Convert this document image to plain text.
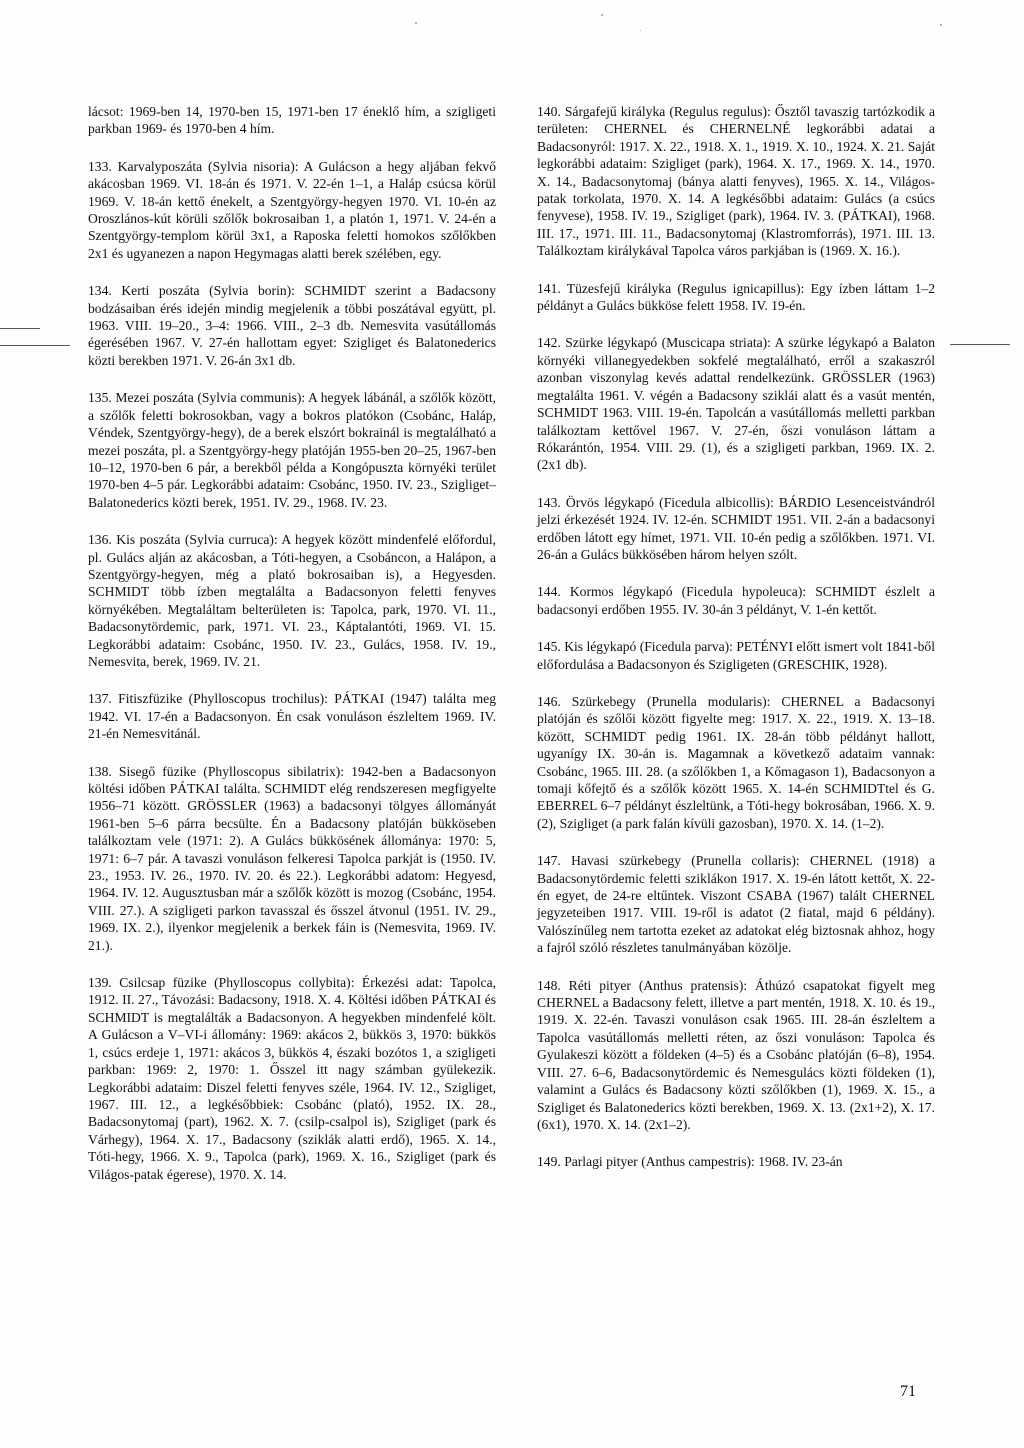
lácsot: 1969-ben 14, 1970-ben 15, 1971-ben 17 éneklő hím, a szigligeti parkban 1969- és 1970-ben 4 hím.

133. Karvalyposzáta (Sylvia nisoria): A Gulácson a hegy aljában fekvő akácosban 1969. VI. 18-án és 1971. V. 22-én 1–1, a Haláp csúcsa körül 1969. V. 18-án kettő énekelt, a Szentgyörgy-hegyen 1970. VI. 10-én az Oroszlános-kút körüli szőlők bokrosaiban 1, a platón 1, 1971. V. 24-én a Szentgyörgy-templom körül 3x1, a Raposka feletti homokos szőlőkben 2x1 és ugyanezen a napon Hegymagas alatti berek szélében, egy.

134. Kerti poszáta (Sylvia borin): SCHMIDT szerint a Badacsony bodzásaiban érés idején mindig megjelenik a többi poszátával együtt, pl. 1963. VIII. 19–20., 3–4: 1966. VIII., 2–3 db. Nemesvita vasútállomás égerésében 1967. V. 27-én hallottam egyet: Szigliget és Balatonederics közti berekben 1971. V. 26-án 3x1 db.

135. Mezei poszáta (Sylvia communis): A hegyek lábánál, a szőlők között, a szőlők feletti bokrosokban, vagy a bokros platókon (Csobánc, Haláp, Véndek, Szentgyörgy-hegy), de a berek elszórt bokrainál is megtalálható a mezei poszáta, pl. a Szentgyörgy-hegy platóján 1955-ben 20–25, 1967-ben 10–12, 1970-ben 6 pár, a berekből példa a Kongópuszta környéki terület 1970-ben 4–5 pár. Legkorábbi adataim: Csobánc, 1950. IV. 23., Szigliget–Balatonederics közti berek, 1951. IV. 29., 1968. IV. 23.

136. Kis poszáta (Sylvia curruca): A hegyek között mindenfelé előfordul, pl. Gulács alján az akácosban, a Tóti-hegyen, a Csobáncon, a Halápon, a Szentgyörgy-hegyen, még a plató bokrosaiban is), a Hegyesden. SCHMIDT több ízben megtalálta a Badacsonyon feletti fenyves környékében. Megtaláltam belterületen is: Tapolca, park, 1970. VI. 11., Badacsonytördemic, park, 1971. VI. 23., Káptalantóti, 1969. VI. 15. Legkorábbi adataim: Csobánc, 1950. IV. 23., Gulács, 1958. IV. 19., Nemesvita, berek, 1969. IV. 21.

137. Fitiszfüzike (Phylloscopus trochilus): PÁTKAI (1947) találta meg 1942. VI. 17-én a Badacsonyon. Én csak vonuláson észleltem 1969. IV. 21-én Nemesvitánál.

138. Sisegő füzike (Phylloscopus sibilatrix): 1942-ben a Badacsonyon költési időben PÁTKAI találta. SCHMIDT elég rendszeresen megfigyelte 1956–71 között. GRÖSSLER (1963) a badacsonyi tölgyes állományát 1961-ben 5–6 párra becsülte. Én a Badacsony platóján bükköseben találkoztam vele (1971: 2). A Gulács bükkösének állománya: 1970: 5, 1971: 6–7 pár. A tavaszi vonuláson felkeresi Tapolca parkját is (1950. IV. 23., 1953. IV. 26., 1970. IV. 20. és 22.). Legkorábbi adatom: Hegyesd, 1964. IV. 12. Augusztusban már a szőlők között is mozog (Csobánc, 1954. VIII. 27.). A szigligeti parkon tavasszal és ősszel átvonul (1951. IV. 29., 1969. IX. 2.), ilyenkor megjelenik a berkek fáin is (Nemesvita, 1969. IV. 21.).

139. Csilcsap füzike (Phylloscopus collybita): Érkezési adat: Tapolca, 1912. II. 27., Távozási: Badacsony, 1918. X. 4. Költési időben PÁTKAI és SCHMIDT is megtalálták a Badacsonyon. A hegyekben mindenfelé költ. A Gulácson a V–VI-i állomány: 1969: akácos 2, bükkös 3, 1970: bükkös 1, csúcs erdeje 1, 1971: akácos 3, bükkös 4, északi bozótos 1, a szigligeti parkban: 1969: 2, 1970: 1. Ősszel itt nagy számban gyülekezik. Legkorábbi adataim: Diszel feletti fenyves széle, 1964. IV. 12., Szigliget, 1967. III. 12., a legkésőbbiek: Csobánc (plató), 1952. IX. 28., Badacsonytomaj (part), 1962. X. 7. (csilp-csalpol is), Szigliget (park és Várhegy), 1964. X. 17., Badacsony (sziklák alatti erdő), 1965. X. 14., Tóti-hegy, 1966. X. 9., Tapolca (park), 1969. X. 16., Szigliget (park és Világos-patak égerese), 1970. X. 14.

140. Sárgafejű királyka (Regulus regulus): Ősztől tavaszig tartózkodik a területen: CHERNEL és CHERNELNÉ legkorábbi adatai a Badacsonyról: 1917. X. 22., 1918. X. 1., 1919. X. 10., 1924. X. 21. Saját legkorábbi adataim: Szigliget (park), 1964. X. 17., 1969. X. 14., 1970. X. 14., Badacsonytomaj (bánya alatti fenyves), 1965. X. 14., Világos-patak torkolata, 1970. X. 14. A legkésőbbi adataim: Gulács (a csúcs fenyvese), 1958. IV. 19., Szigliget (park), 1964. IV. 3. (PÁTKAI), 1968. III. 17., 1971. III. 11., Badacsonytomaj (Klastromforrás), 1971. III. 13. Találkoztam királykával Tapolca város parkjában is (1969. X. 16.).

141. Tüzesfejű királyka (Regulus ignicapillus): Egy ízben láttam 1–2 példányt a Gulács bükköse felett 1958. IV. 19-én.

142. Szürke légykapó (Muscicapa striata): A szürke légykapó a Balaton környéki villanegyedekben sokfelé megtalálható, erről a szakaszról azonban viszonylag kevés adattal rendelkezünk. GRÖSSLER (1963) megtalálta 1961. V. végén a Badacsony sziklái alatt és a vasút mentén, SCHMIDT 1963. VIII. 19-én. Tapolcán a vasútállomás melletti parkban találkoztam kettővel 1967. V. 27-én, őszi vonuláson láttam a Rókarántón, 1954. VIII. 29. (1), és a szigligeti parkban, 1969. IX. 2. (2x1 db).

143. Örvös légykapó (Ficedula albicollis): BÁRDIO Lesenceistvándról jelzi érkezését 1924. IV. 12-én. SCHMIDT 1951. VII. 2-án a badacsonyi erdőben látott egy hímet, 1971. VII. 10-én pedig a szőlőkben. 1971. VI. 26-án a Gulács bükkösében három helyen szólt.

144. Kormos légykapó (Ficedula hypoleuca): SCHMIDT észlelt a badacsonyi erdőben 1955. IV. 30-án 3 példányt, V. 1-én kettőt.

145. Kis légykapó (Ficedula parva): PETÉNYI előtt ismert volt 1841-ből előfordulása a Badacsonyon és Szigligeten (GRESCHIK, 1928).

146. Szürkebegy (Prunella modularis): CHERNEL a Badacsonyi platóján és szőlői között figyelte meg: 1917. X. 22., 1919. X. 13–18. között, SCHMIDT pedig 1961. IX. 28-án több példányt hallott, ugyanígy IX. 30-án is. Magamnak a következő adataim vannak: Csobánc, 1965. III. 28. (a szőlőkben 1, a Kőmagason 1), Badacsonyon a tomaji kőfejtő és a szőlők között 1965. X. 14-én SCHMIDTtel és G. EBERREL 6–7 példányt észleltünk, a Tóti-hegy bokrosában, 1966. X. 9. (2), Szigliget (a park falán kívüli gazosban), 1970. X. 14. (1–2).

147. Havasi szürkebegy (Prunella collaris): CHERNEL (1918) a Badacsonytördemic feletti sziklákon 1917. X. 19-én látott kettőt, X. 22-én egyet, de 24-re eltűntek. Viszont CSABA (1967) talált CHERNEL jegyzeteiben 1917. VIII. 19-ről is adatot (2 fiatal, majd 6 példány). Valószínűleg nem tartotta ezeket az adatokat elég biztosnak ahhoz, hogy a fajról szóló részletes tanulmányában közölje.

148. Réti pityer (Anthus pratensis): Áthúzó csapatokat figyelt meg CHERNEL a Badacsony felett, illetve a part mentén, 1918. X. 10. és 19., 1919. X. 22-én. Tavaszi vonuláson csak 1965. III. 28-án észleltem a Tapolca vasútállomás melletti réten, az őszi vonuláson: Tapolca és Gyulakeszi között a földeken (4–5) és a Csobánc platóján (6–8), 1954. VIII. 27. 6–6, Badacsonytördemic és Nemesgulács közti földeken (1), valamint a Gulács és Badacsony közti szőlőkben (1), 1969. X. 15., a Szigliget és Balatonederics közti berekben, 1969. X. 13. (2x1+2), X. 17. (6x1), 1970. X. 14. (2x1–2).

149. Parlagi pityer (Anthus campestris): 1968. IV. 23-án

71
